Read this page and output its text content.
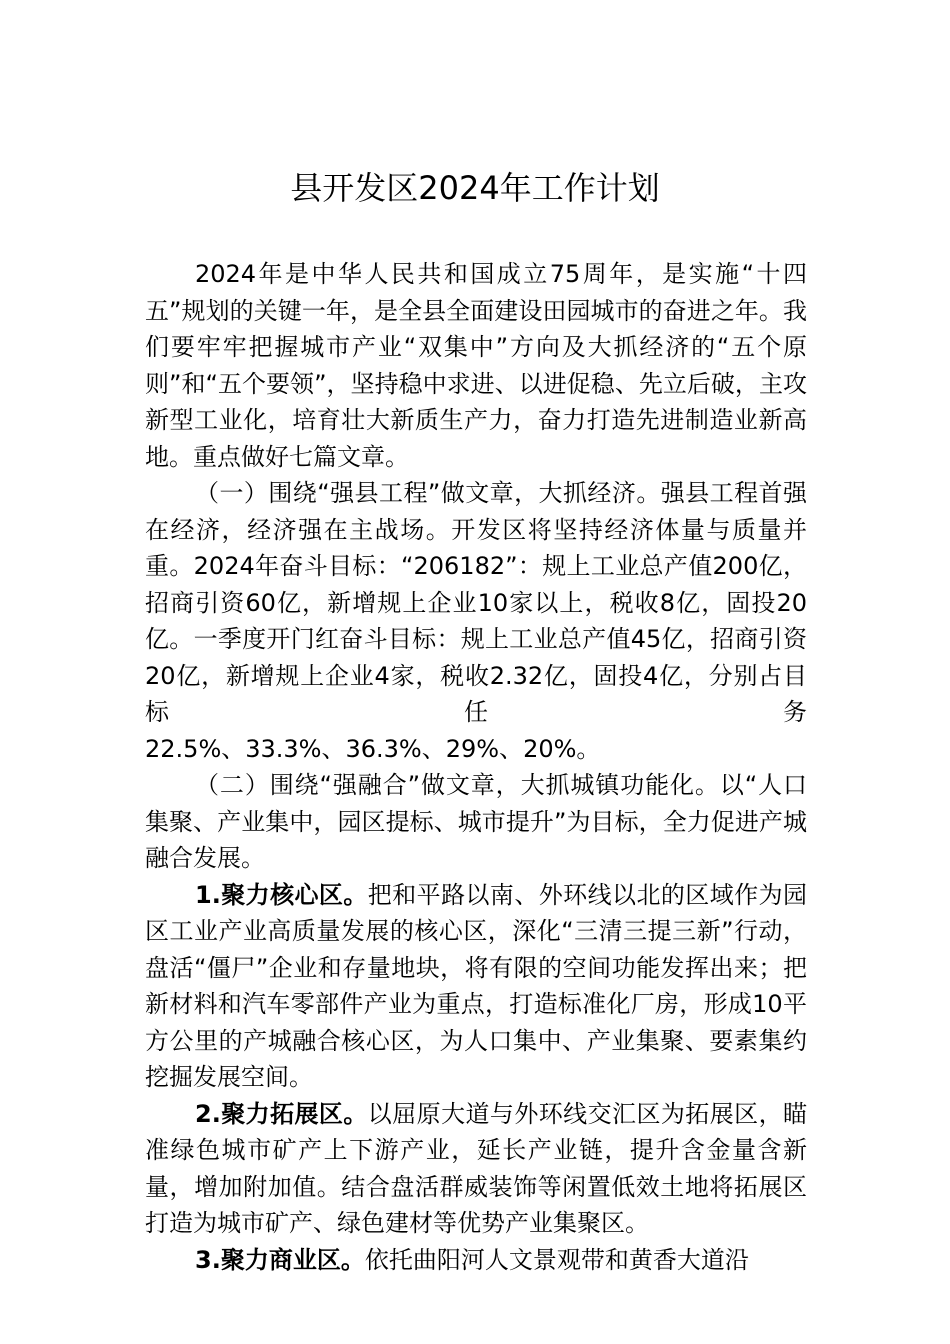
县开发区2024年工作计划

2024年是中华人民共和国成立75周年，是实施“十四五”规划的关键一年，是全县全面建设田园城市的奋进之年。我们要牢牢把握城市产业“双集中”方向及大抓经济的“五个原则”和“五个要领”，坚持稳中求进、以进促稳、先立后破，主攻新型工业化，培育壮大新质生产力，奋力打造先进制造业新高地。重点做好七篇文章。

（一）围绕“强县工程”做文章，大抓经济。强县工程首强在经济，经济强在主战场。开发区将坚持经济体量与质量并重。2024年奋斗目标：“206182”：规上工业总产值200亿，招商引资60亿，新增规上企业10家以上，税收8亿，固投20亿。一季度开门红奋斗目标：规上工业总产值45亿，招商引资20亿，新增规上企业4家，税收2.32亿，固投4亿，分别占目标任务

22.5%、33.3%、36.3%、29%、20%。

（二）围绕“强融合”做文章，大抓城镇功能化。以“人口集聚、产业集中，园区提标、城市提升”为目标，全力促进产城融合发展。

1.聚力核心区。把和平路以南、外环线以北的区域作为园区工业产业高质量发展的核心区，深化“三清三提三新”行动，盘活“僵尸”企业和存量地块，将有限的空间功能发挥出来；把新材料和汽车零部件产业为重点，打造标准化厂房，形成10平方公里的产城融合核心区，为人口集中、产业集聚、要素集约挖掘发展空间。

2.聚力拓展区。以屈原大道与外环线交汇区为拓展区，瞄准绿色城市矿产上下游产业，延长产业链，提升含金量含新量，增加附加值。结合盘活群威装饰等闲置低效土地将拓展区打造为城市矿产、绿色建材等优势产业集聚区。

3.聚力商业区。依托曲阳河人文景观带和黄香大道沿
